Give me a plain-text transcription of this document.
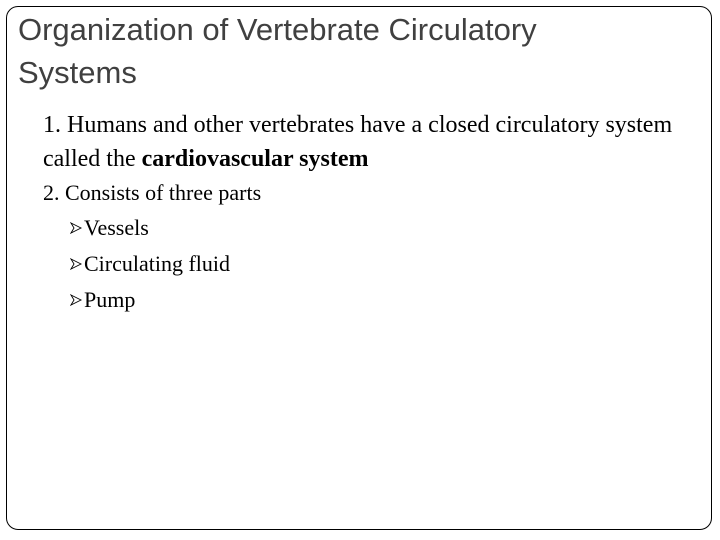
Organization of Vertebrate Circulatory Systems
1. Humans and other vertebrates have a closed circulatory system called the cardiovascular system
2. Consists of three parts
Vessels
Circulating fluid
Pump
